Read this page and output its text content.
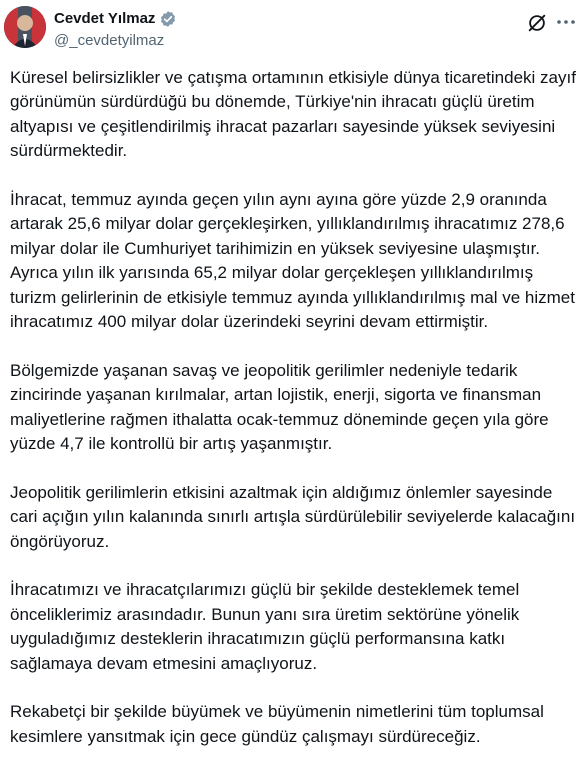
Cevdet Yılmaz
@_cevdetyilmaz

Küresel belirsizlikler ve çatışma ortamının etkisiyle dünya ticaretindeki zayıf görünümün sürdürdüğü bu dönemde, Türkiye'nin ihracatı güçlü üretim altyapısı ve çeşitlendirilmiş ihracat pazarları sayesinde yüksek seviyesini sürdürmektedir.

İhracat, temmuz ayında geçen yılın aynı ayına göre yüzde 2,9 oranında artarak 25,6 milyar dolar gerçekleşirken, yıllıklandırılmış ihracatımız 278,6 milyar dolar ile Cumhuriyet tarihimizin en yüksek seviyesine ulaşmıştır. Ayrıca yılın ilk yarısında 65,2 milyar dolar gerçekleşen yıllıklandırılmış turizm gelirlerinin de etkisiyle temmuz ayında yıllıklandırılmış mal ve hizmet ihracatımız 400 milyar dolar üzerindeki seyrini devam ettirmiştir.

Bölgemizde yaşanan savaş ve jeopolitik gerilimler nedeniyle tedarik zincirinde yaşanan kırılmalar, artan lojistik, enerji, sigorta ve finansman maliyetlerine rağmen ithalatta ocak-temmuz döneminde geçen yıla göre yüzde 4,7 ile kontrollü bir artış yaşanmıştır.

Jeopolitik gerilimlerin etkisini azaltmak için aldığımız önlemler sayesinde cari açığın yılın kalanında sınırlı artışla sürdürülebilir seviyelerde kalacağını öngörüyoruz.

İhracatımızı ve ihracatçılarımızı güçlü bir şekilde desteklemek temel önceliklerimiz arasındadır. Bunun yanı sıra üretim sektörüne yönelik uyguladığımız desteklerin ihracatımızın güçlü performansına katkı sağlamaya devam etmesini amaçlıyoruz.

Rekabetçi bir şekilde büyümek ve büyümenin nimetlerini tüm toplumsal kesimlere yansıtmak için gece gündüz çalışmayı sürdüreceğiz.
